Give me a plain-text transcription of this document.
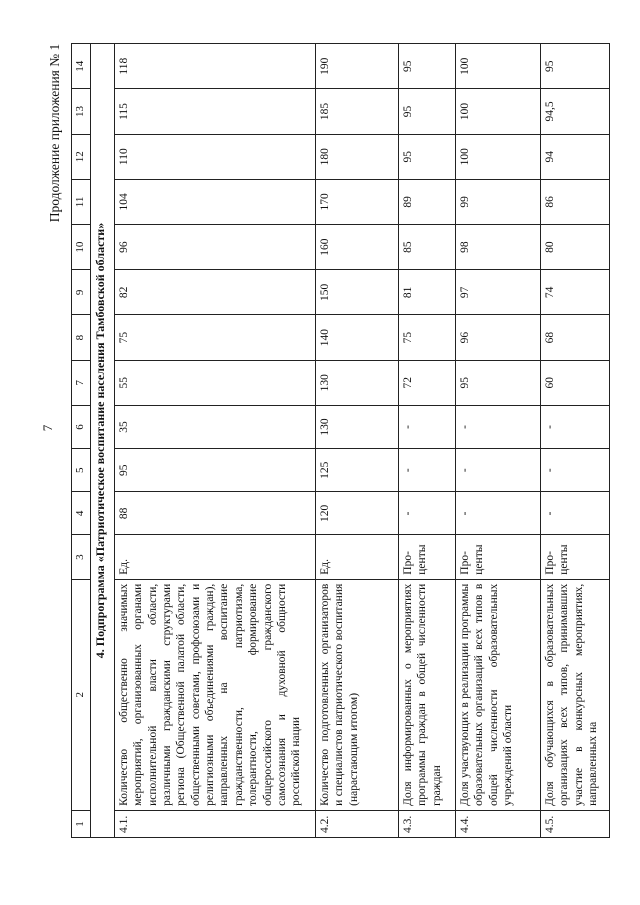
7
Продолжение приложения № 1
1	2	3	4	5	6	7	8	9	10	11	12	13	14
4. Подпрограмма «Патриотическое воспитание населения Тамбовской области»													
4.1.	Количество общественно значимых мероприятий, организованных органами исполнительной власти области, различными гражданскими структурами региона (Общественной палатой области, общественными советами, профсоюзами и религиозными объединениями граждан), направленных на воспитание гражданственности, патриотизма, толерантности, формирование общероссийского гражданского самосознания и духовной общности российской нации	Ед.	88	95	35	55	75	82	96	104	110	115	118
4.2.	Количество подготовленных организаторов и специалистов патриотического воспитания (нарастающим итогом)	Ед.	120	125	130	130	140	150	160	170	180	185	190
4.3.	Доля информированных о мероприятиях программы граждан в общей численности граждан	Про- центы	-	-	-	72	75	81	85	89	95	95	95
4.4.	Доля участвующих в реализации программы образовательных организаций всех типов в общей численности образовательных учреждений области	Про- центы	-	-	-	95	96	97	98	99	100	100	100
4.5.	Доля обучающихся в образовательных организациях всех типов, принимавших участие в конкурсных мероприятиях, направленных на	Про- центы	-	-	-	60	68	74	80	86	94	94,5	95
